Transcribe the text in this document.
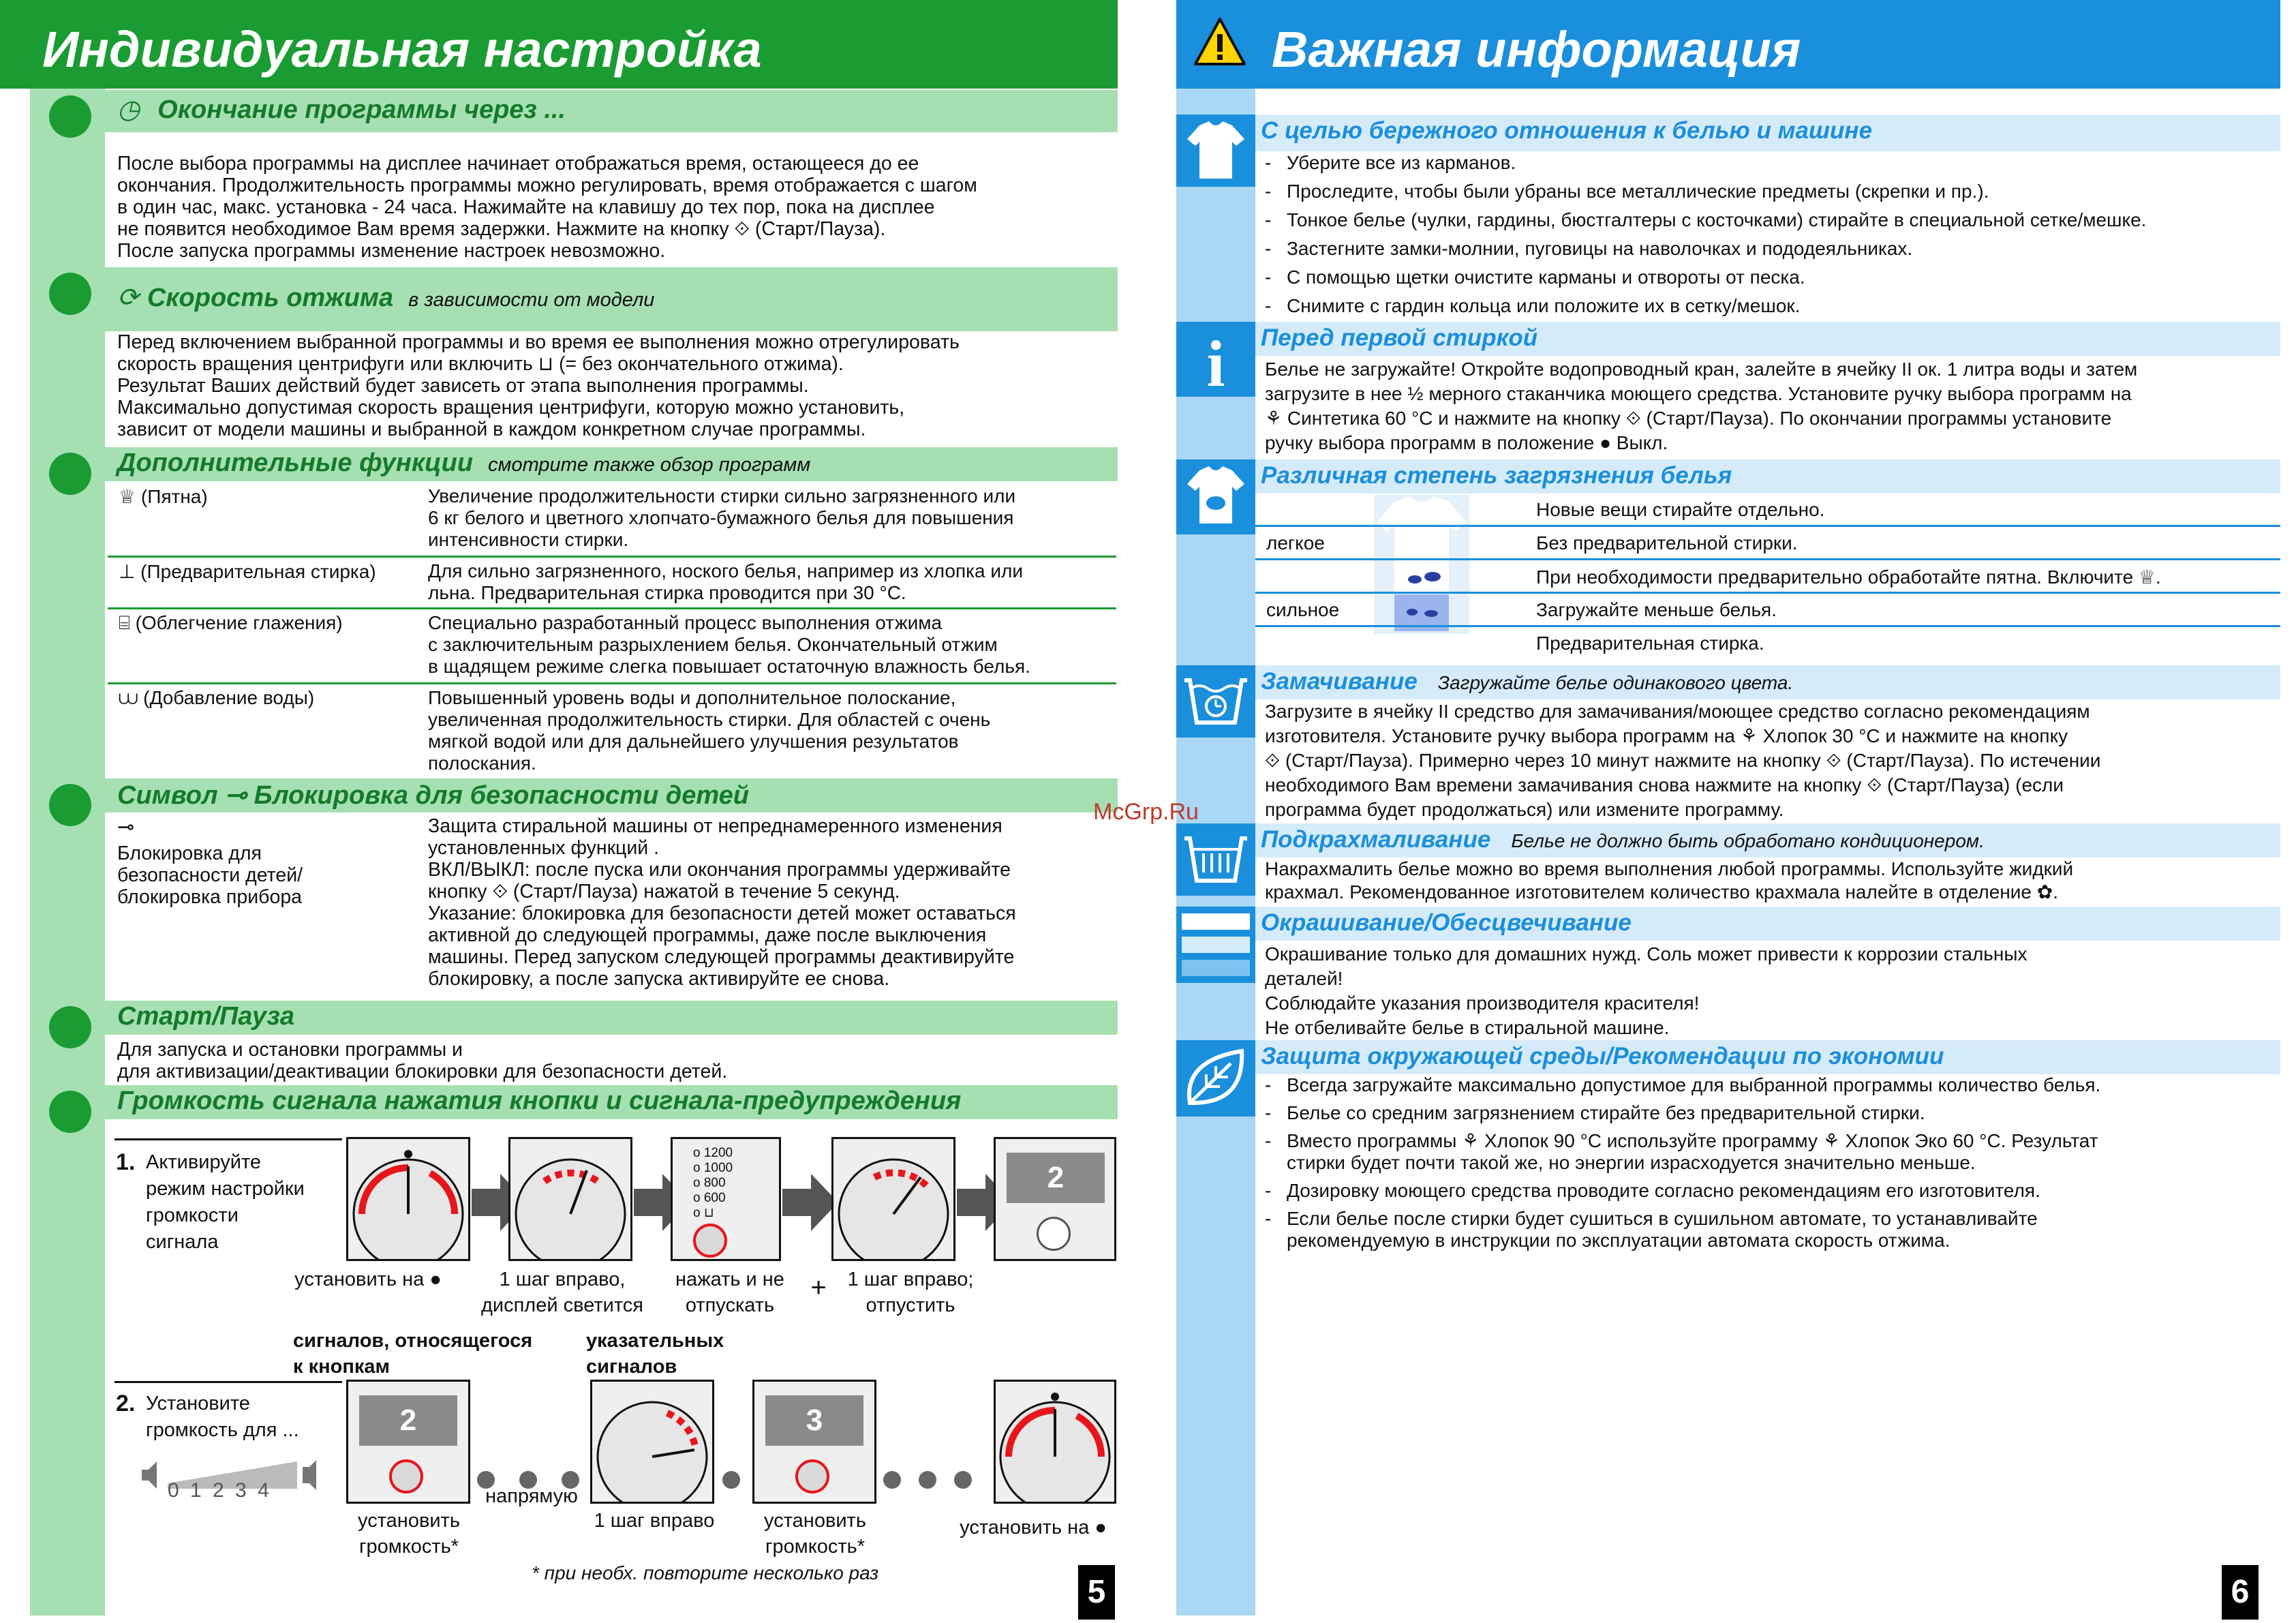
Индивидуальная настройка
◷ Окончание программы через ...
После выбора программы на дисплее начинает отображаться время, остающееся до ее
окончания. Продолжительность программы можно регулировать, время отображается с шагом
в один час, макс. установка - 24 часа. Нажимайте на клавишу до тех пор, пока на дисплее
не появится необходимое Вам время задержки. Нажмите на кнопку ⟐ (Старт/Пауза).
После запуска программы изменение настроек невозможно.
⟳ Скорость отжима в зависимости от модели
Перед включением выбранной программы и во время ее выполнения можно отрегулировать
скорость вращения центрифуги или включить ⊔ (= без окончательного отжима).
Результат Ваших действий будет зависеть от этапа выполнения программы.
Максимально допустимая скорость вращения центрифуги, которую можно установить,
зависит от модели машины и выбранной в каждом конкретном случае программы.
Дополнительные функции смотрите также обзор программ
♕ (Пятна)	Увеличение продолжительности стирки сильно загрязненного или
6 кг белого и цветного хлопчато-бумажного белья для повышения
интенсивности стирки.
⊥ (Предварительная стирка)	Для сильно загрязненного, ноского белья, например из хлопка или
льна. Предварительная стирка проводится при 30 °C.
⌸ (Облегчение глажения)	Специально разработанный процесс выполнения отжима
с заключительным разрыхлением белья. Окончательный отжим
в щадящем режиме слегка повышает остаточную влажность белья.
⩊ (Добавление воды)	Повышенный уровень воды и дополнительное полоскание,
увеличенная продолжительность стирки. Для областей с очень
мягкой водой или для дальнейшего улучшения результатов
полоскания.
Символ ⊸ Блокировка для безопасности детей
⊸
Блокировка для
безопасности детей/
блокировка прибора
Защита стиральной машины от непреднамеренного изменения
установленных функций .
ВКЛ/ВЫКЛ: после пуска или окончания программы удерживайте
кнопку ⟐ (Старт/Пауза) нажатой в течение 5 секунд.
Указание: блокировка для безопасности детей может оставаться
активной до следующей программы, даже после выключения
машины. Перед запуском следующей программы деактивируйте
блокировку, а после запуска активируйте ее снова.
Старт/Пауза
Для запуска и остановки программы и
для активизации/деактивации блокировки для безопасности детей.
Громкость сигнала нажатия кнопки и сигнала-предупреждения
1. Активируйте
режим настройки
громкости
сигнала
o 1200
o 1000
o 800
o 600
o ⊔
2
установить на ●	1 шаг вправо,
дисплей светится
нажать и не
отпускать
+	1 шаг вправо;
отпустить
сигналов, относящегося
к кнопкам
указательных
сигналов
2. Установите
громкость для ...
0 1 2 3 4
2
напрямую
3
установить
громкость*
1 шаг вправо	установить
громкость*
установить на ●
* при необх. повторите несколько раз
5
Важная информация
С целью бережного отношения к белью и машине
- Уберите все из карманов.
- Проследите, чтобы были убраны все металлические предметы (скрепки и пр.).
- Тонкое белье (чулки, гардины, бюстгалтеры с косточками) стирайте в специальной сетке/мешке.
- Застегните замки-молнии, пуговицы на наволочках и пододеяльниках.
- С помощью щетки очистите карманы и отвороты от песка.
- Снимите с гардин кольца или положите их в сетку/мешок.
i	Перед первой стиркой
Белье не загружайте! Откройте водопроводный кран, залейте в ячейку II ок. 1 литра воды и затем
загрузите в нее ½ мерного стаканчика моющего средства. Установите ручку выбора программ на
⚘ Синтетика 60 °C и нажмите на кнопку ⟐ (Старт/Пауза). По окончании программы установите
ручку выбора программ в положение ● Выкл.
Различная степень загрязнения белья
Новые вещи стирайте отдельно.
легкое	Без предварительной стирки.
При необходимости предварительно обработайте пятна. Включите ♕.
сильное	Загружайте меньше белья.
Предварительная стирка.
Замачивание Загружайте белье одинакового цвета.
Загрузите в ячейку II средство для замачивания/моющее средство согласно рекомендациям
изготовителя. Установите ручку выбора программ на ⚘ Хлопок 30 °C и нажмите на кнопку
⟐ (Старт/Пауза). Примерно через 10 минут нажмите на кнопку ⟐ (Старт/Пауза). По истечении
необходимого Вам времени замачивания снова нажмите на кнопку ⟐ (Старт/Пауза) (если
программа будет продолжаться) или измените программу.
Подкрахмаливание Белье не должно быть обработано кондиционером.
Накрахмалить белье можно во время выполнения любой программы. Используйте жидкий
крахмал. Рекомендованное изготовителем количество крахмала налейте в отделение ✿.
Окрашивание/Обесцвечивание
Окрашивание только для домашних нужд. Соль может привести к коррозии стальных
деталей!
Соблюдайте указания производителя красителя!
Не отбеливайте белье в стиральной машине.
Защита окружающей среды/Рекомендации по экономии
- Всегда загружайте максимально допустимое для выбранной программы количество белья.
- Белье со средним загрязнением стирайте без предварительной стирки.
- Вместо программы ⚘ Хлопок 90 °C используйте программу ⚘ Хлопок Эко 60 °C. Результат
стирки будет почти такой же, но энергии израсходуется значительно меньше.
- Дозировку моющего средства проводите согласно рекомендациям его изготовителя.
- Если белье после стирки будет сушиться в сушильном автомате, то устанавливайте
рекомендуемую в инструкции по эксплуатации автомата скорость отжима.
6
McGrp.Ru
